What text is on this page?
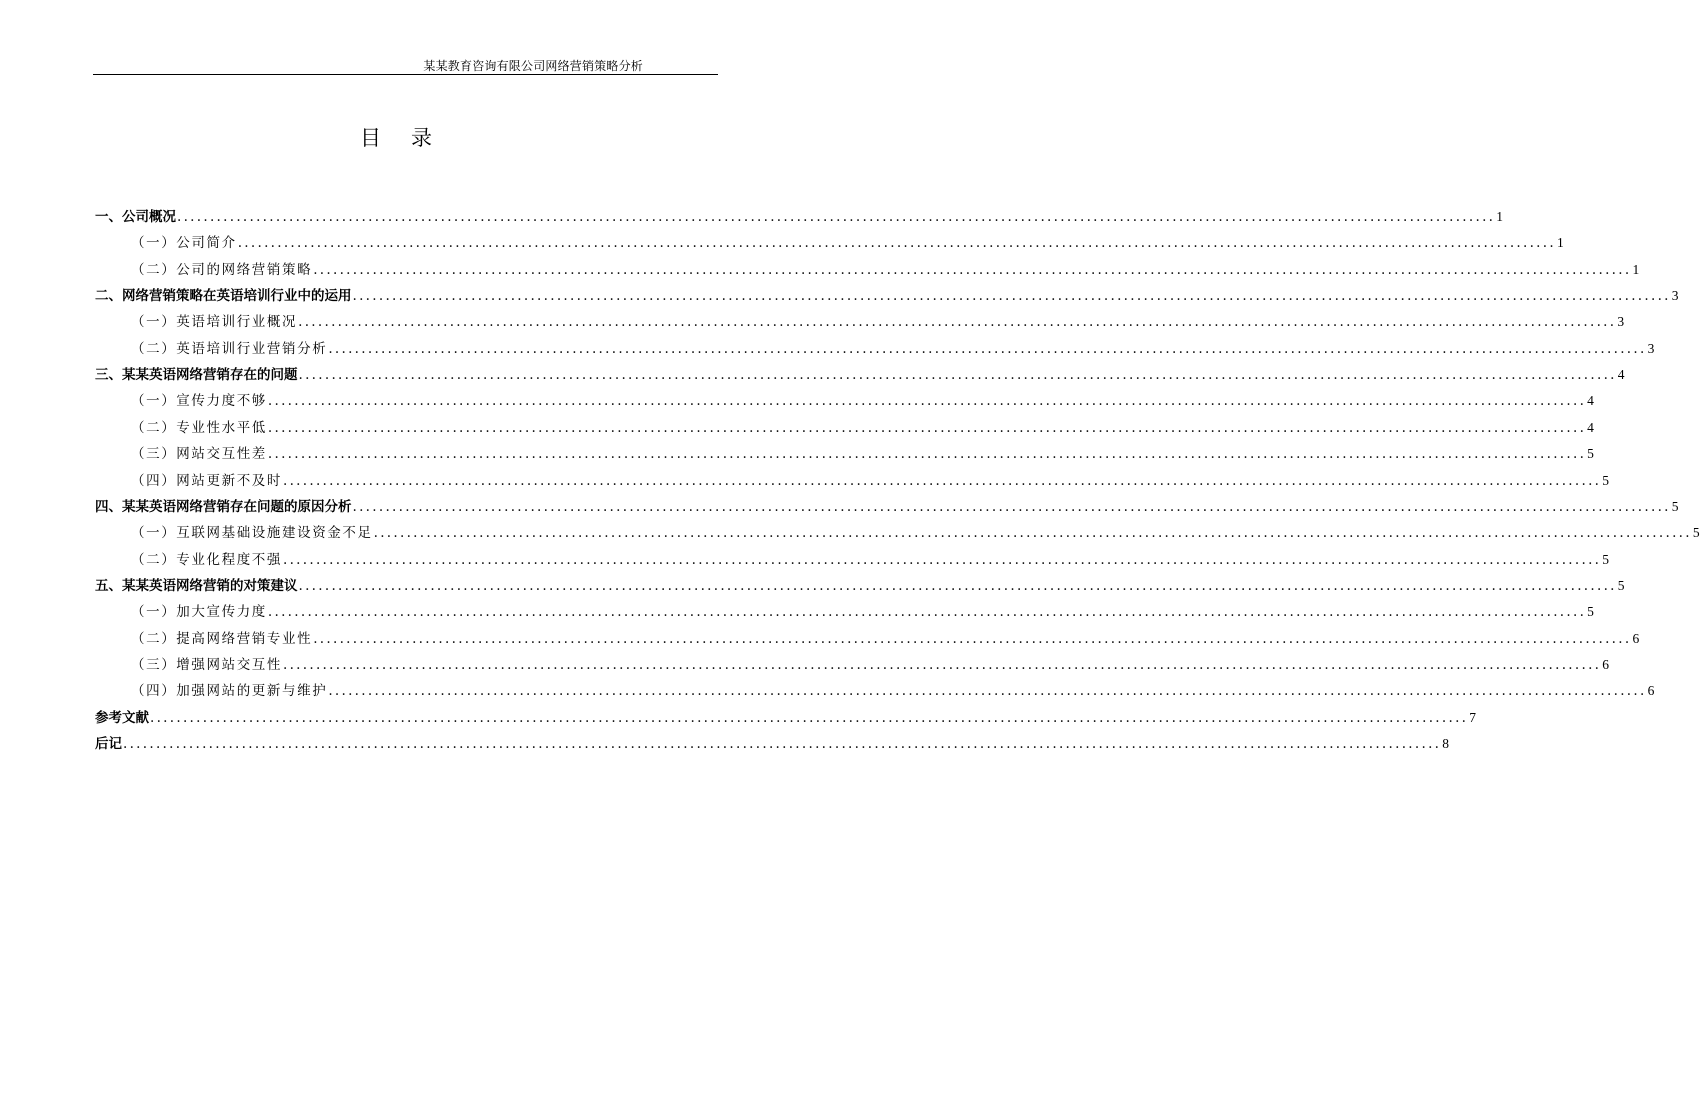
某某教育咨询有限公司网络营销策略分析
目录
一、公司概况 ........................................................................................................................................................................................................ 1
（一）公司简介 ........................................................................................................................................................................................................ 1
（二）公司的网络营销策略 ........................................................................................................................................................................................................ 1
二、网络营销策略在英语培训行业中的运用 ........................................................................................................................................................................................................ 3
（一）英语培训行业概况 ........................................................................................................................................................................................................ 3
（二）英语培训行业营销分析 ........................................................................................................................................................................................................ 3
三、某某英语网络营销存在的问题 ........................................................................................................................................................................................................ 4
（一）宣传力度不够 ........................................................................................................................................................................................................ 4
（二）专业性水平低 ........................................................................................................................................................................................................ 4
（三）网站交互性差 ........................................................................................................................................................................................................ 5
（四）网站更新不及时 ........................................................................................................................................................................................................ 5
四、某某英语网络营销存在问题的原因分析 ........................................................................................................................................................................................................ 5
（一）互联网基础设施建设资金不足 ........................................................................................................................................................................................................ 5
（二）专业化程度不强 ........................................................................................................................................................................................................ 5
五、某某英语网络营销的对策建议 ........................................................................................................................................................................................................ 5
（一）加大宣传力度 ........................................................................................................................................................................................................ 5
（二）提高网络营销专业性 ........................................................................................................................................................................................................ 6
（三）增强网站交互性 ........................................................................................................................................................................................................ 6
（四）加强网站的更新与维护 ........................................................................................................................................................................................................ 6
参考文献 ........................................................................................................................................................................................................ 7
后记 ........................................................................................................................................................................................................ 8
